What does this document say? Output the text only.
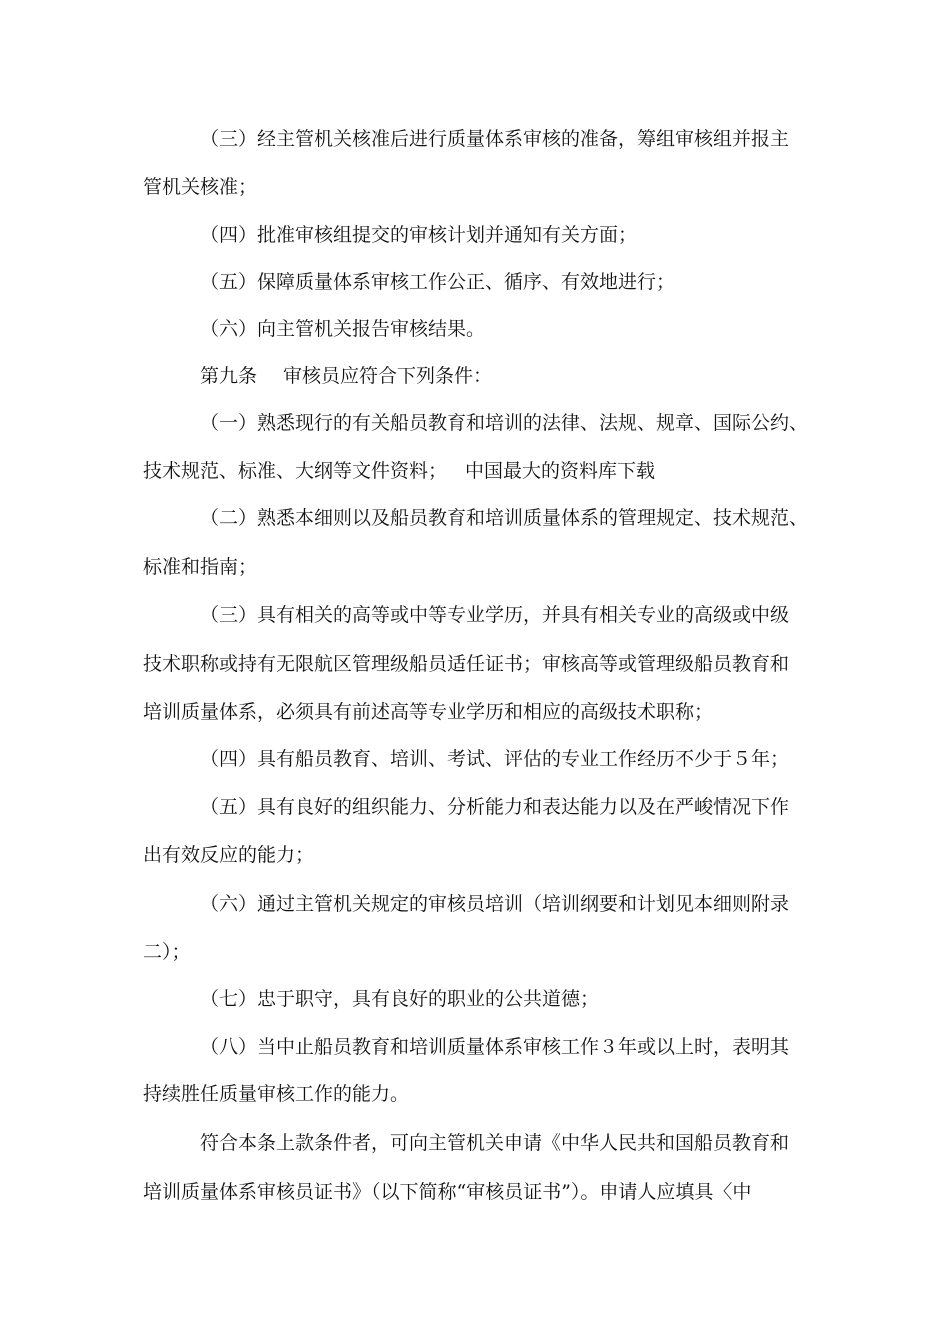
（三）经主管机关核准后进行质量体系审核的准备，筹组审核组并报主
管机关核准；
（四）批准审核组提交的审核计划并通知有关方面；
（五）保障质量体系审核工作公正、循序、有效地进行；
（六）向主管机关报告审核结果。
第九条 审核员应符合下列条件：
（一）熟悉现行的有关船员教育和培训的法律、法规、规章、国际公约、
技术规范、标准、大纲等文件资料； 中国最大的资料库下载
（二）熟悉本细则以及船员教育和培训质量体系的管理规定、技术规范、
标准和指南；
（三）具有相关的高等或中等专业学历，并具有相关专业的高级或中级
技术职称或持有无限航区管理级船员适任证书；审核高等或管理级船员教育和
培训质量体系，必须具有前述高等专业学历和相应的高级技术职称；
（四）具有船员教育、培训、考试、评估的专业工作经历不少于５年；
（五）具有良好的组织能力、分析能力和表达能力以及在严峻情况下作
出有效反应的能力；
（六）通过主管机关规定的审核员培训（培训纲要和计划见本细则附录
二）；
（七）忠于职守，具有良好的职业的公共道德；
（八）当中止船员教育和培训质量体系审核工作３年或以上时，表明其
持续胜任质量审核工作的能力。
符合本条上款条件者，可向主管机关申请《中华人民共和国船员教育和
培训质量体系审核员证书》（以下简称“审核员证书”）。申请人应填具〈中
